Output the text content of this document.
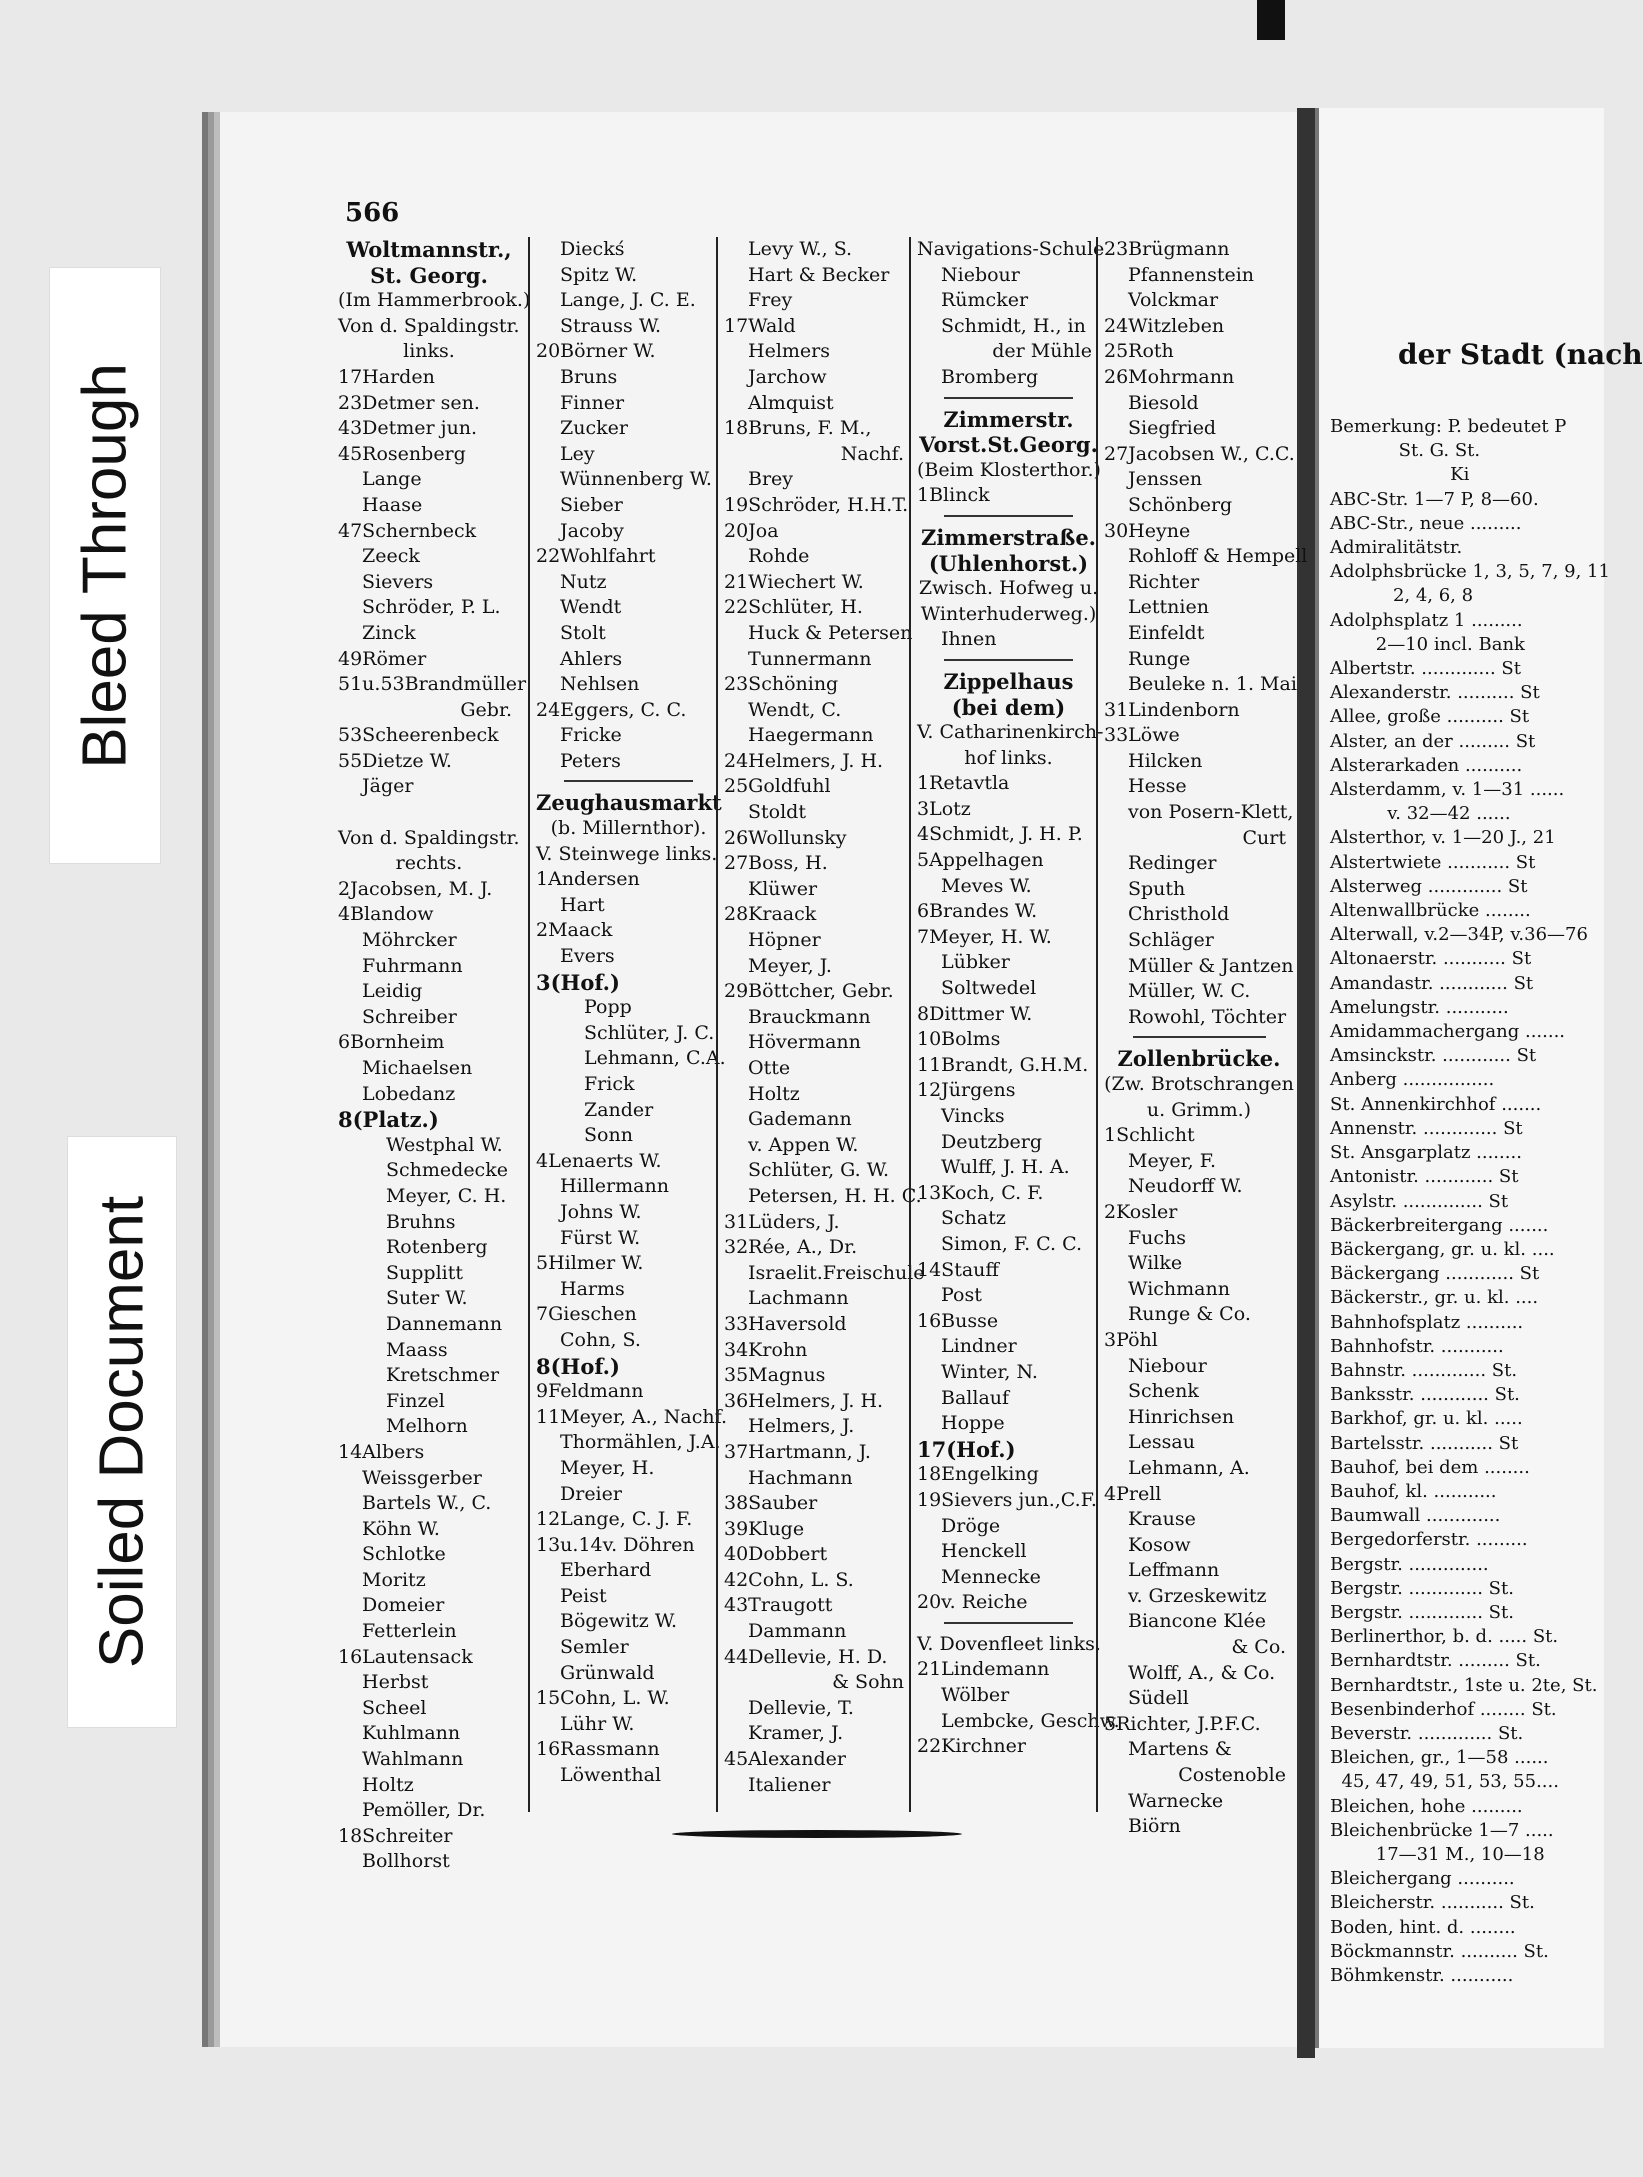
Bleed Through
Soiled Document
566
Woltmannstr.,
St. Georg.
(Im Hammerbrook.)
Von d. Spaldingstr.
links.
17Harden
23Detmer sen.
43Detmer jun.
45Rosenberg
Lange
Haase
47Schernbeck
Zeeck
Sievers
Schröder, P. L.
Zinck
49Römer
51u.53Brandmüller
Gebr.
53Scheerenbeck
55Dietze W.
Jäger

Von d. Spaldingstr.
rechts.
2Jacobsen, M. J.
4Blandow
Möhrcker
Fuhrmann
Leidig
Schreiber
6Bornheim
Michaelsen
Lobedanz
8(Platz.)
Westphal W.
Schmedecke
Meyer, C. H.
Bruhns
Rotenberg
Supplitt
Suter W.
Dannemann
Maass
Kretschmer
Finzel
Melhorn
14Albers
Weissgerber
Bartels W., C.
Köhn W.
Schlotke
Moritz
Domeier
Fetterlein
16Lautensack
Herbst
Scheel
Kuhlmann
Wahlmann
Holtz
Pemöller, Dr.
18Schreiter
Bollhorst
Dieckś
Spitz W.
Lange, J. C. E.
Strauss W.
20Börner W.
Bruns
Finner
Zucker
Ley
Wünnenberg W.
Sieber
Jacoby
22Wohlfahrt
Nutz
Wendt
Stolt
Ahlers
Nehlsen
24Eggers, C. C.
Fricke
Peters
Zeughausmarkt
(b. Millernthor).
V. Steinwege links.
1Andersen
Hart
2Maack
Evers
3(Hof.)
Popp
Schlüter, J. C.
Lehmann, C.A.
Frick
Zander
Sonn
4Lenaerts W.
Hillermann
Johns W.
Fürst W.
5Hilmer W.
Harms
7Gieschen
Cohn, S.
8(Hof.)
9Feldmann
11Meyer, A., Nachf.
Thormählen, J.A.
Meyer, H.
Dreier
12Lange, C. J. F.
13u.14v. Döhren
Eberhard
Peist
Bögewitz W.
Semler
Grünwald
15Cohn, L. W.
Lühr W.
16Rassmann
Löwenthal
Levy W., S.
Hart & Becker
Frey
17Wald
Helmers
Jarchow
Almquist
18Bruns, F. M.,
Nachf.
Brey
19Schröder, H.H.T.
20Joa
Rohde
21Wiechert W.
22Schlüter, H.
Huck & Petersen
Tunnermann
23Schöning
Wendt, C.
Haegermann
24Helmers, J. H.
25Goldfuhl
Stoldt
26Wollunsky
27Boss, H.
Klüwer
28Kraack
Höpner
Meyer, J.
29Böttcher, Gebr.
Brauckmann
Hövermann
Otte
Holtz
Gademann
v. Appen W.
Schlüter, G. W.
Petersen, H. H. C.
31Lüders, J.
32Rée, A., Dr.
Israelit.Freischule
Lachmann
33Haversold
34Krohn
35Magnus
36Helmers, J. H.
Helmers, J.
37Hartmann, J.
Hachmann
38Sauber
39Kluge
40Dobbert
42Cohn, L. S.
43Traugott
Dammann
44Dellevie, H. D.
& Sohn
Dellevie, T.
Kramer, J.
45Alexander
Italiener
Navigations-Schule
Niebour
Rümcker
Schmidt, H., in
der Mühle
Bromberg
Zimmerstr.
Vorst.St.Georg.
(Beim Klosterthor.)
1Blinck
Zimmerstraße.
(Uhlenhorst.)
Zwisch. Hofweg u.
Winterhuderweg.)
Ihnen
Zippelhaus
(bei dem)
V. Catharinenkirch-
hof links.
1Retavtla
3Lotz
4Schmidt, J. H. P.
5Appelhagen
Meves W.
6Brandes W.
7Meyer, H. W.
Lübker
Soltwedel
8Dittmer W.
10Bolms
11Brandt, G.H.M.
12Jürgens
Vincks
Deutzberg
Wulff, J. H. A.
13Koch, C. F.
Schatz
Simon, F. C. C.
14Stauff
Post
16Busse
Lindner
Winter, N.
Ballauf
Hoppe
17(Hof.)
18Engelking
19Sievers jun.,C.F.
Dröge
Henckell
Mennecke
20v. Reiche
V. Dovenfleet links.
21Lindemann
Wölber
Lembcke, Geschw.
22Kirchner
23Brügmann
Pfannenstein
Volckmar
24Witzleben
25Roth
26Mohrmann
Biesold
Siegfried
27Jacobsen W., C.C.
Jenssen
Schönberg
30Heyne
Rohloff & Hempell
Richter
Lettnien
Einfeldt
Runge
Beuleke n. 1. Mai
31Lindenborn
33Löwe
Hilcken
Hesse
von Posern-Klett,
Curt
Redinger
Sputh
Christhold
Schläger
Müller & Jantzen
Müller, W. C.
Rowohl, Töchter
Zollenbrücke.
(Zw. Brotschrangen
u. Grimm.)
1Schlicht
Meyer, F.
Neudorff W.
2Kosler
Fuchs
Wilke
Wichmann
Runge & Co.
3Pöhl
Niebour
Schenk
Hinrichsen
Lessau
Lehmann, A.
4Prell
Krause
Kosow
Leffmann
v. Grzeskewitz
Biancone Klée
& Co.
Wolff, A., & Co.
Südell
5Richter, J.P.F.C.
Martens &
Costenoble
Warnecke
Biörn
der Stadt (nach
Bemerkung: P. bedeutet P
St. G. St.
Ki
ABC-Str. 1—7 P, 8—60.
ABC-Str., neue .........
Admiralitätstr.
Adolphsbrücke 1, 3, 5, 7, 9, 11
2, 4, 6, 8
Adolphsplatz 1 .........
2—10 incl. Bank
Albertstr. ............. St
Alexanderstr. .......... St
Allee, große .......... St
Alster, an der ......... St
Alsterarkaden ..........
Alsterdamm, v. 1—31 ......
v. 32—42 ......
Alsterthor, v. 1—20 J., 21
Alstertwiete ........... St
Alsterweg ............. St
Altenwallbrücke ........
Alterwall, v.2—34P, v.36—76
Altonaerstr. ........... St
Amandastr. ............ St
Amelungstr. ...........
Amidammachergang .......
Amsinckstr. ............ St
Anberg ................
St. Annenkirchhof .......
Annenstr. ............. St
St. Ansgarplatz ........
Antonistr. ............ St
Asylstr. .............. St
Bäckerbreitergang .......
Bäckergang, gr. u. kl. ....
Bäckergang ............ St
Bäckerstr., gr. u. kl. ....
Bahnhofsplatz ..........
Bahnhofstr. ...........
Bahnstr. ............. St.
Banksstr. ............ St.
Barkhof, gr. u. kl. .....
Bartelsstr. ........... St
Bauhof, bei dem ........
Bauhof, kl. ...........
Baumwall .............
Bergedorferstr. .........
Bergstr. ..............
Bergstr. ............. St.
Bergstr. ............. St.
Berlinerthor, b. d. ..... St.
Bernhardtstr. ......... St.
Bernhardtstr., 1ste u. 2te, St.
Besenbinderhof ........ St.
Beverstr. ............. St.
Bleichen, gr., 1—58 ......
45, 47, 49, 51, 53, 55....
Bleichen, hohe .........
Bleichenbrücke 1—7 .....
17—31 M., 10—18
Bleichergang ..........
Bleicherstr. ........... St.
Boden, hint. d. ........
Böckmannstr. .......... St.
Böhmkenstr. ...........
